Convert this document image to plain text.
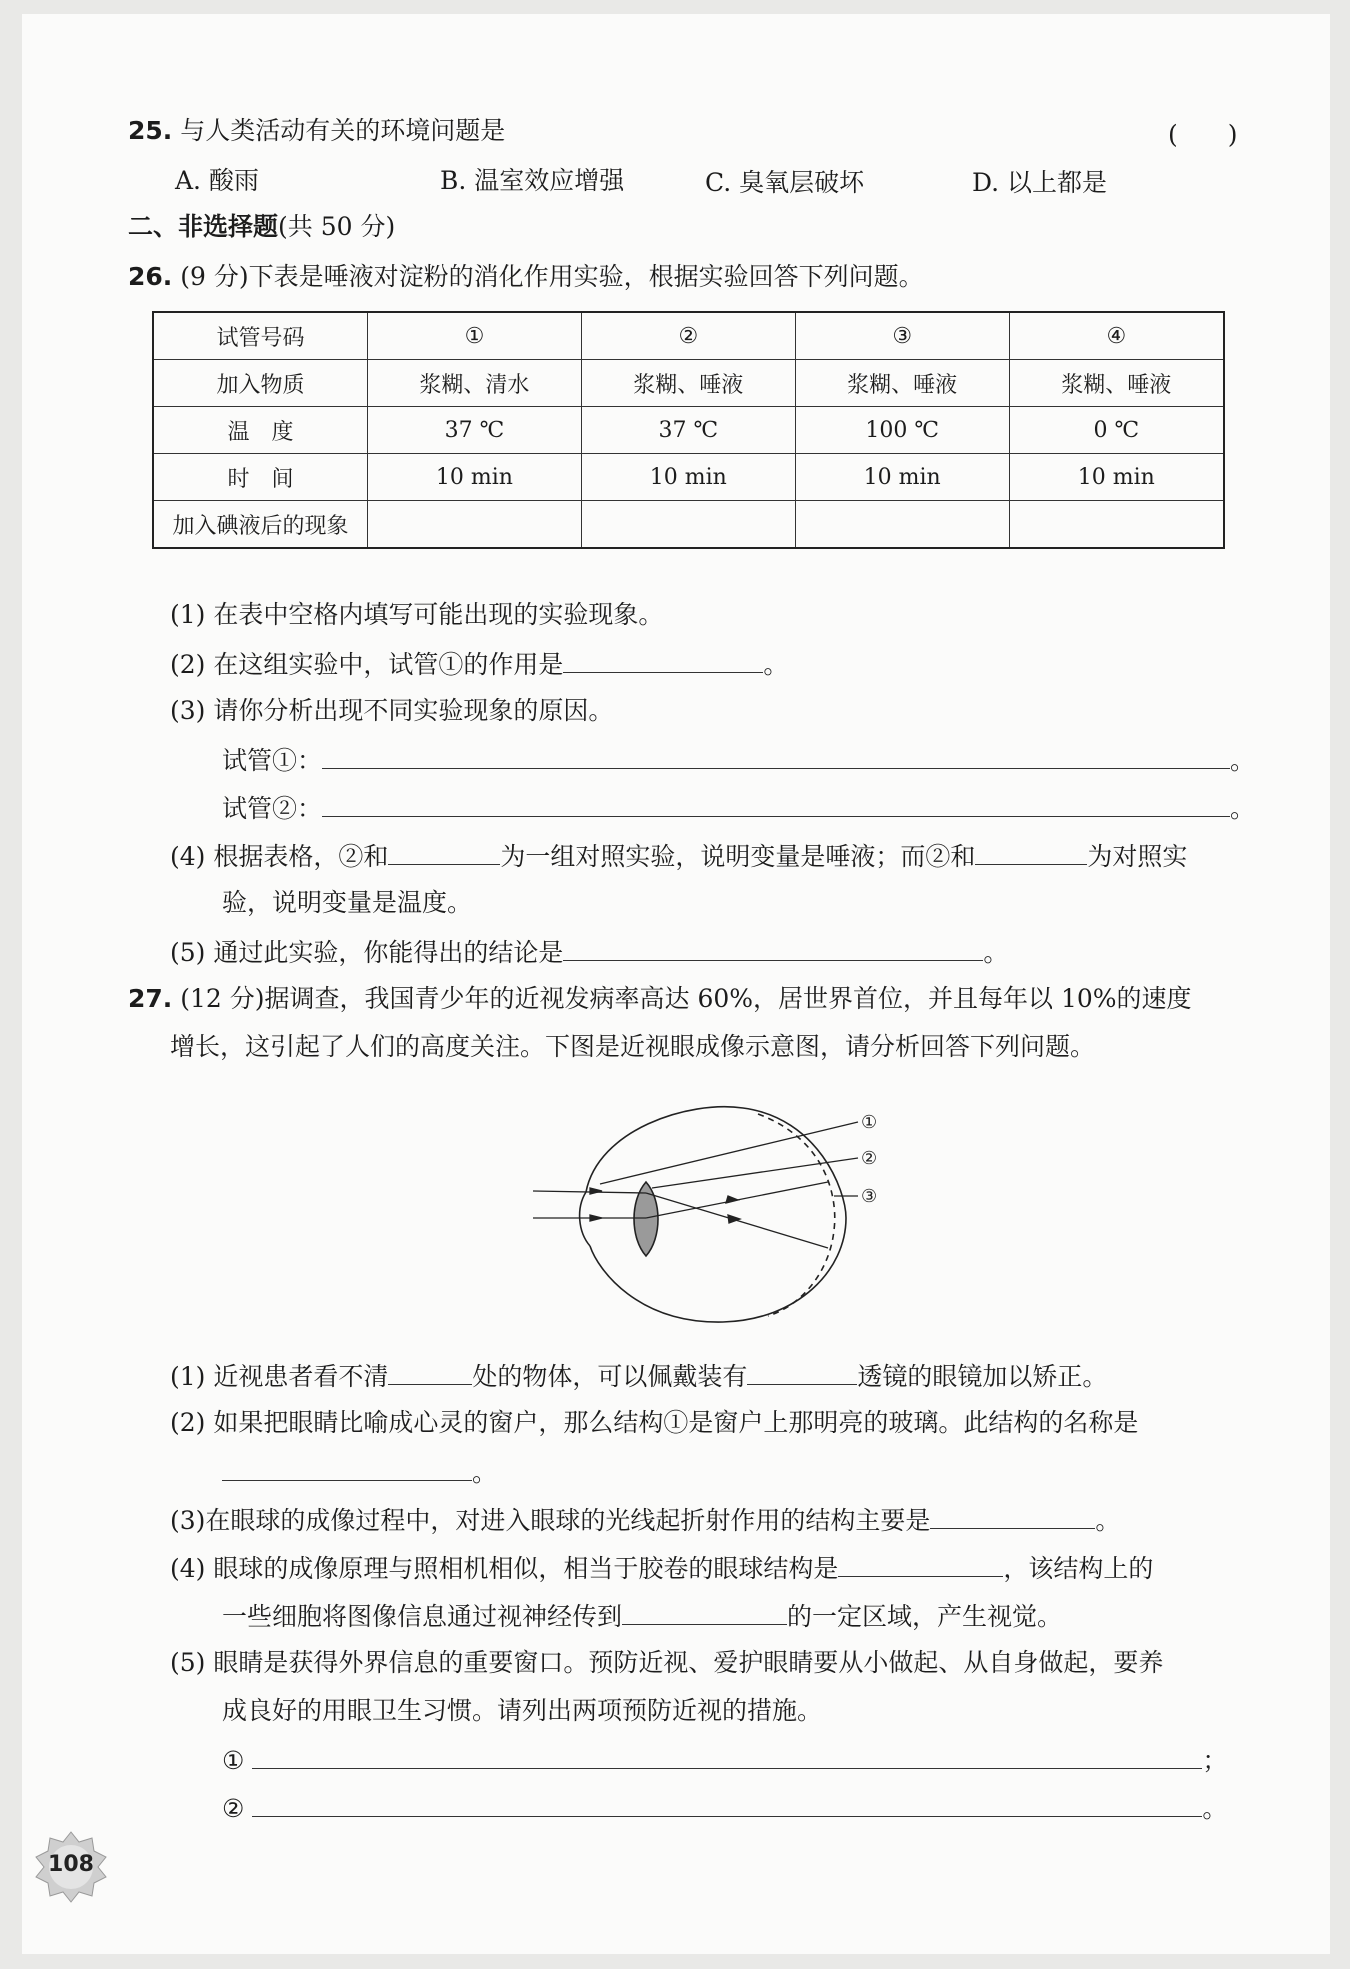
25. 与人类活动有关的环境问题是	(　　)
A. 酸雨	B. 温室效应增强	C. 臭氧层破坏	D. 以上都是
二、非选择题(共 50 分)
26. (9 分)下表是唾液对淀粉的消化作用实验，根据实验回答下列问题。
试管号码	①	②	③	④
加入物质	浆糊、清水	浆糊、唾液	浆糊、唾液	浆糊、唾液
温　度	37 ℃	37 ℃	100 ℃	0 ℃
时　间	10 min	10 min	10 min	10 min
加入碘液后的现象				
(1) 在表中空格内填写可能出现的实验现象。
(2) 在这组实验中，试管①的作用是	。
(3) 请你分析出现不同实验现象的原因。
试管①：	。
试管②：	。
(4) 根据表格，②和	为一组对照实验，说明变量是唾液；而②和	为对照实
验，说明变量是温度。
(5) 通过此实验，你能得出的结论是	。
27. (12 分)据调查，我国青少年的近视发病率高达 60%，居世界首位，并且每年以 10%的速度
增长，这引起了人们的高度关注。下图是近视眼成像示意图，请分析回答下列问题。
①
②
③
(1) 近视患者看不清	处的物体，可以佩戴装有	透镜的眼镜加以矫正。
(2) 如果把眼睛比喻成心灵的窗户，那么结构①是窗户上那明亮的玻璃。此结构的名称是
。
(3)在眼球的成像过程中，对进入眼球的光线起折射作用的结构主要是	。
(4) 眼球的成像原理与照相机相似，相当于胶卷的眼球结构是	，该结构上的
一些细胞将图像信息通过视神经传到	的一定区域，产生视觉。
(5) 眼睛是获得外界信息的重要窗口。预防近视、爱护眼睛要从小做起、从自身做起，要养
成良好的用眼卫生习惯。请列出两项预防近视的措施。
①	；
②	。
108
